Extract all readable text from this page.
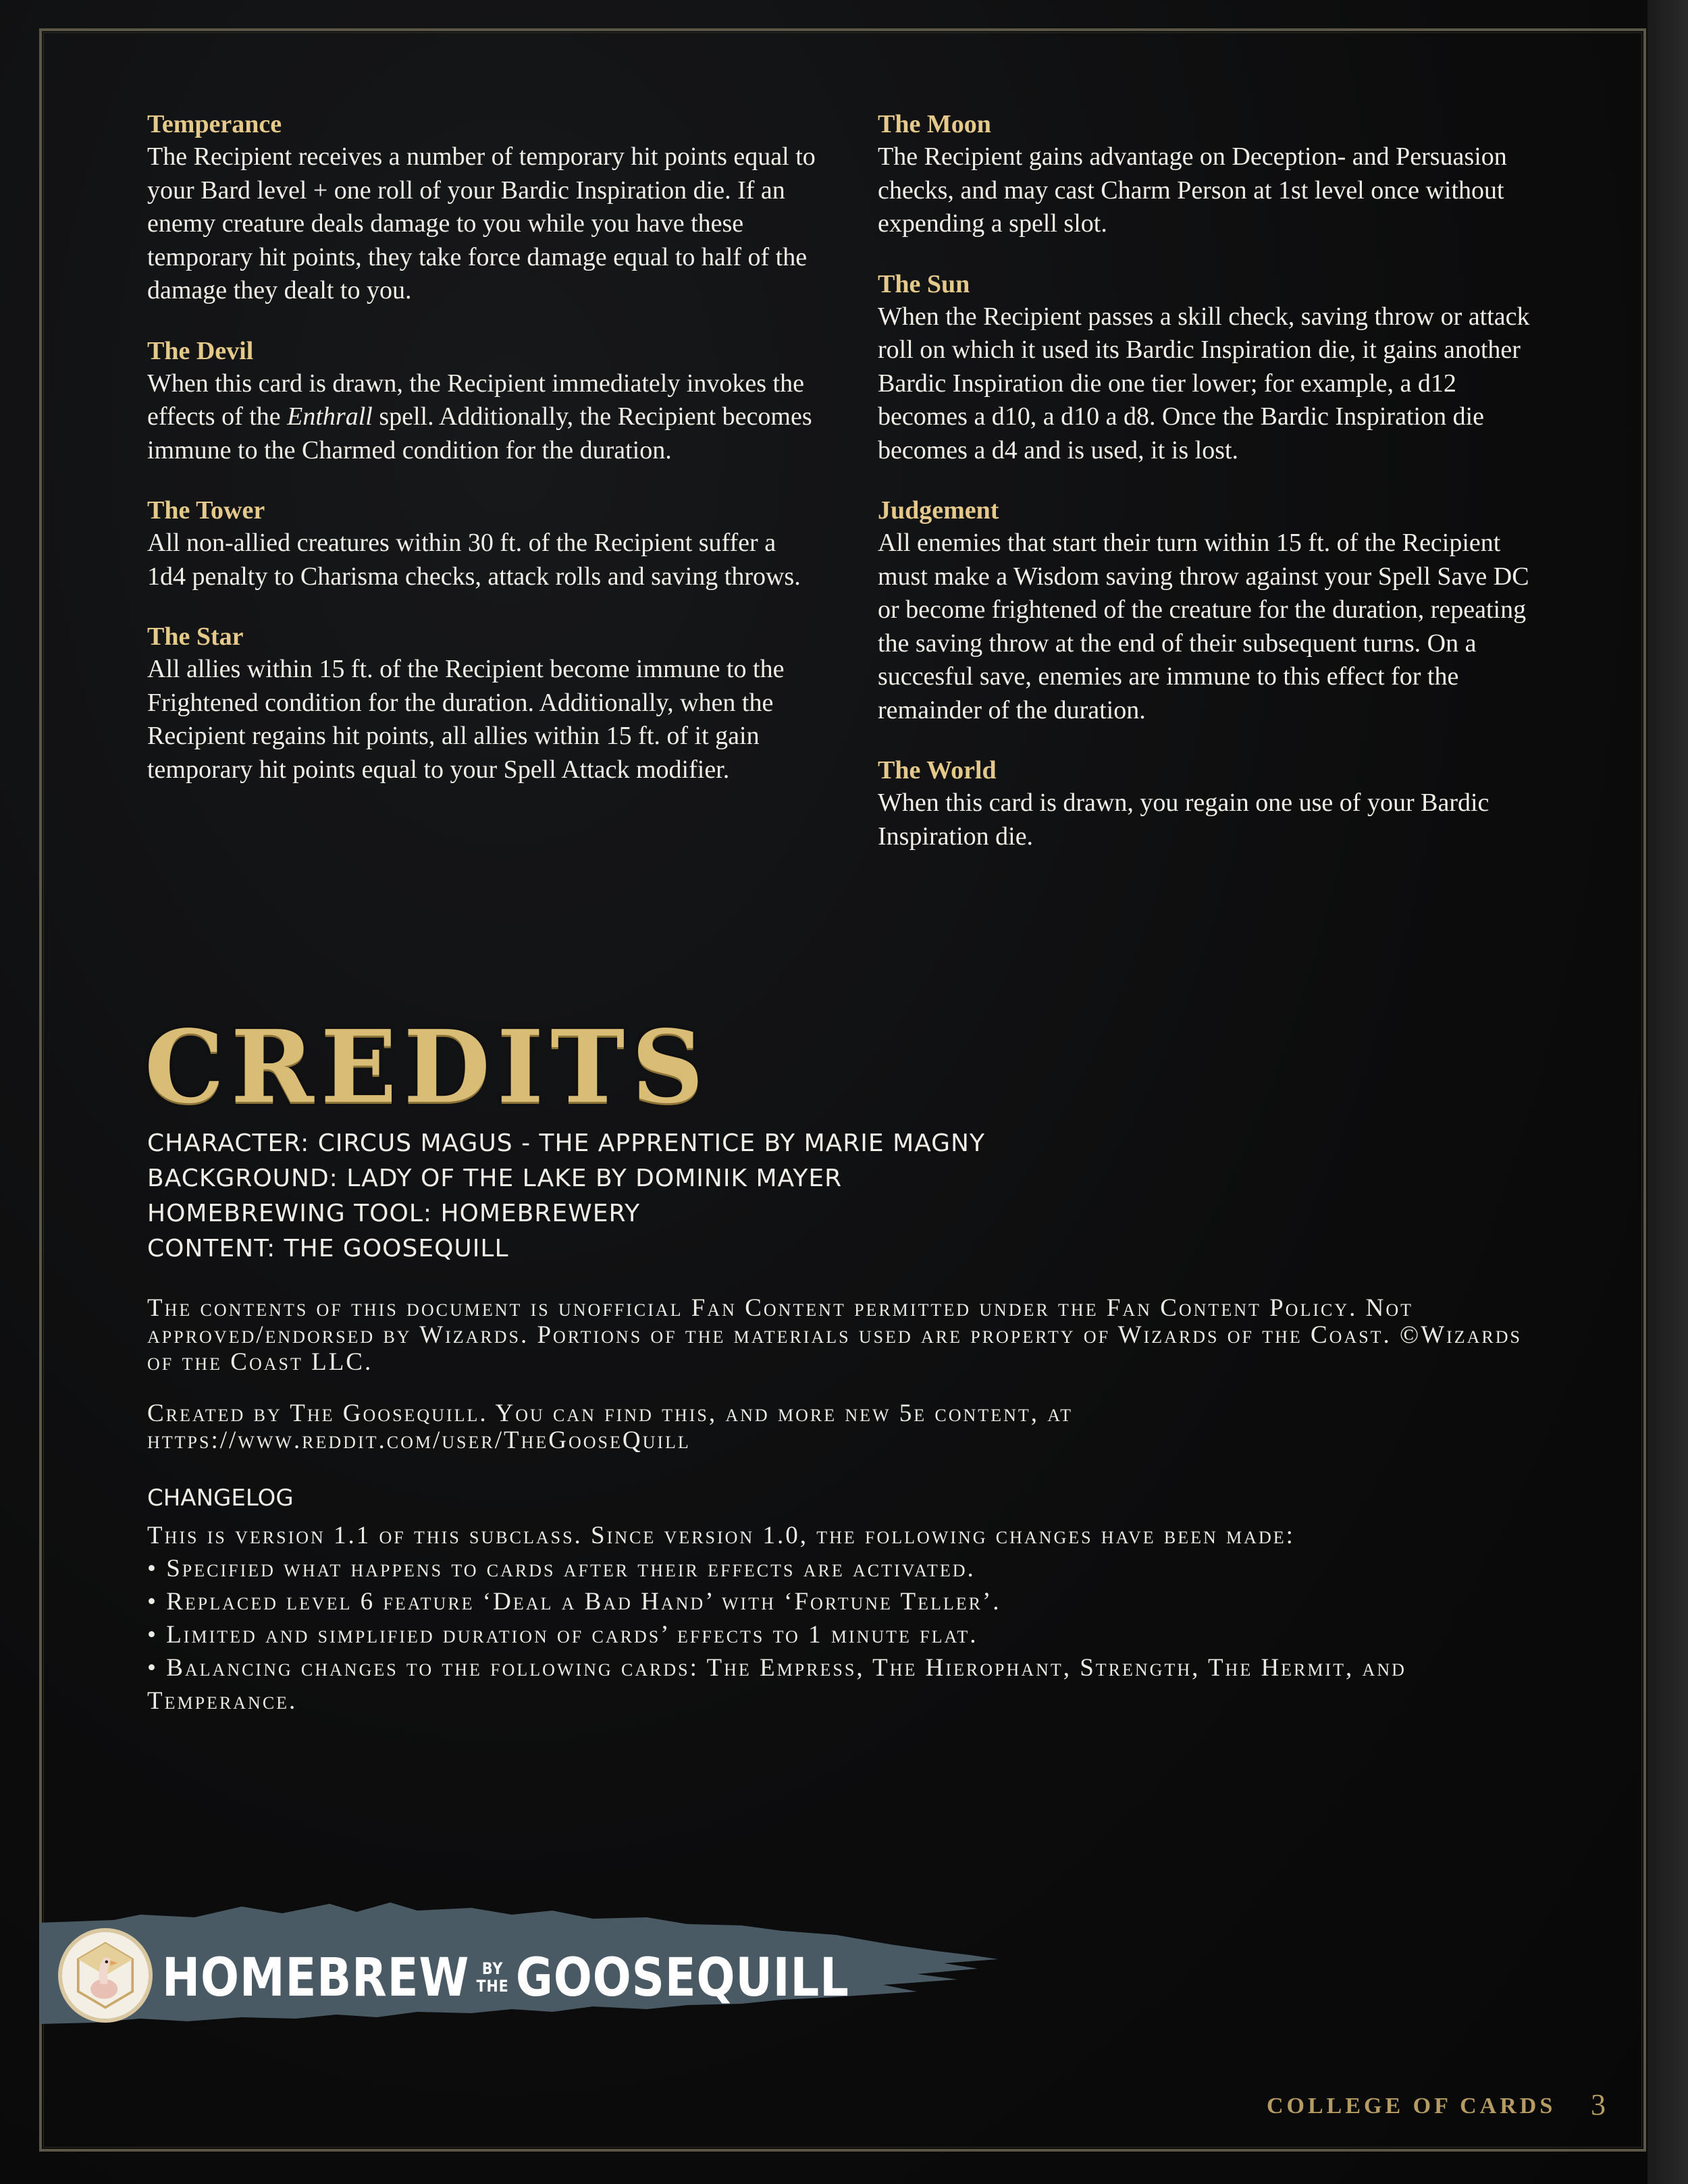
Temperance

The Recipient receives a number of temporary hit points equal to your Bard level + one roll of your Bardic Inspiration die. If an enemy creature deals damage to you while you have these temporary hit points, they take force damage equal to half of the damage they dealt to you.

The Devil

When this card is drawn, the Recipient immediately invokes the effects of the Enthrall spell. Additionally, the Recipient becomes immune to the Charmed condition for the duration.

The Tower

All non-allied creatures within 30 ft. of the Recipient suffer a 1d4 penalty to Charisma checks, attack rolls and saving throws.

The Star

All allies within 15 ft. of the Recipient become immune to the Frightened condition for the duration. Additionally, when the Recipient regains hit points, all allies within 15 ft. of it gain temporary hit points equal to your Spell Attack modifier.

The Moon

The Recipient gains advantage on Deception- and Persuasion checks, and may cast Charm Person at 1st level once without expending a spell slot.

The Sun

When the Recipient passes a skill check, saving throw or attack roll on which it used its Bardic Inspiration die, it gains another Bardic Inspiration die one tier lower; for example, a d12 becomes a d10, a d10 a d8. Once the Bardic Inspiration die becomes a d4 and is used, it is lost.

Judgement

All enemies that start their turn within 15 ft. of the Recipient must make a Wisdom saving throw against your Spell Save DC or become frightened of the creature for the duration, repeating the saving throw at the end of their subsequent turns. On a succesful save, enemies are immune to this effect for the remainder of the duration.

The World

When this card is drawn, you regain one use of your Bardic Inspiration die.

CREDITS
CHARACTER: CIRCUS MAGUS - THE APPRENTICE BY MARIE MAGNY
BACKGROUND: LADY OF THE LAKE BY DOMINIK MAYER
HOMEBREWING TOOL: HOMEBREWERY
CONTENT: THE GOOSEQUILL

The contents of this document is unofficial Fan Content permitted under the Fan Content Policy. Not approved/endorsed by Wizards. Portions of the materials used are property of Wizards of the Coast. ©Wizards of the Coast LLC.

Created by The Goosequill. You can find this, and more new 5e content, at https://www.reddit.com/user/TheGooseQuill

CHANGELOG

This is version 1.1 of this subclass. Since version 1.0, the following changes have been made:

• Specified what happens to cards after their effects are activated.

• Replaced level 6 feature ‘Deal a Bad Hand’ with ‘Fortune Teller’.

• Limited and simplified duration of cards’ effects to 1 minute flat.

• Balancing changes to the following cards: The Empress, The Hierophant, Strength, The Hermit, and Temperance.

HOMEBREW BY
THE GOOSEQUILL
COLLEGE OF CARDS 3
